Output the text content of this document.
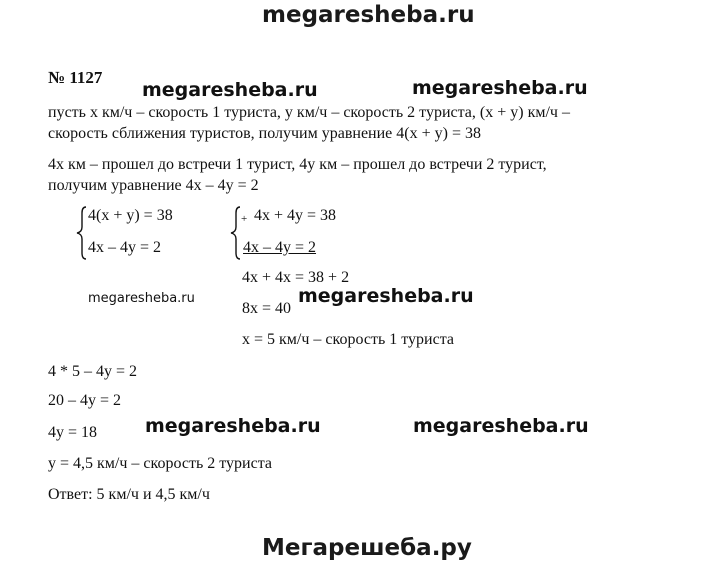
megaresheba.ru
№ 1127
megaresheba.ru	megaresheba.ru
megaresheba.ru	megaresheba.ru
megaresheba.ru	megaresheba.ru
пусть х км/ч – скорость 1 туриста, у км/ч – скорость 2 туриста, (х + у) км/ч –
скорость сближения туристов, получим уравнение 4(х + у) = 38
4х км – прошел до встречи 1 турист, 4у км – прошел до встречи 2 турист,
получим уравнение 4х – 4у = 2
4(х + у) = 38
4х – 4у = 2
+ 4х + 4у = 38
4х – 4у = 2
4х + 4х = 38 + 2
8х = 40
х = 5 км/ч – скорость 1 туриста
4 * 5 – 4у = 2
20 – 4у = 2
4у = 18
у = 4,5 км/ч – скорость 2 туриста
Ответ: 5 км/ч и 4,5 км/ч
Мегарешеба.ру
